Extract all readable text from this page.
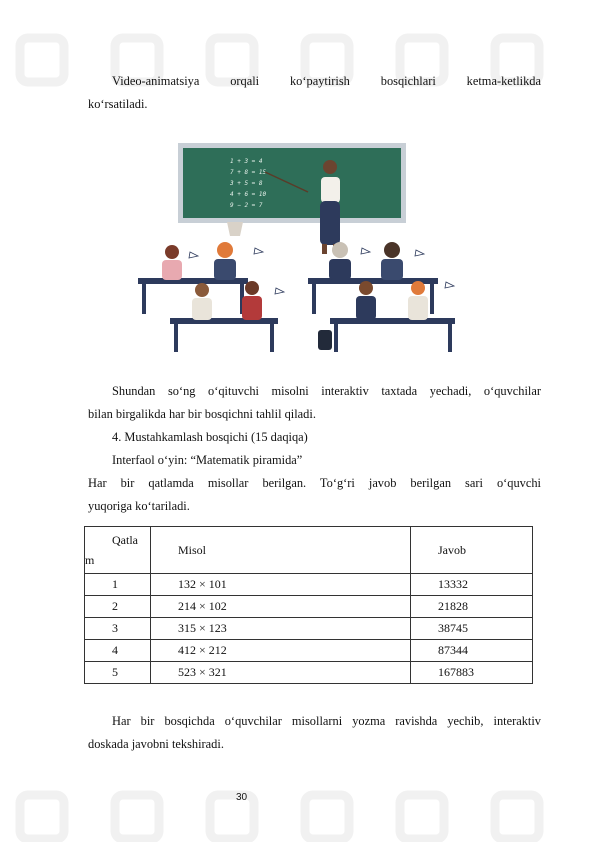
Video-animatsiya orqali ko‘paytirish bosqichlari ketma-ketlikda
ko‘rsatiladi.
1 + 3 = 4
7 + 8 = 15
3 + 5 = 8
4 + 6 = 10
9 − 2 = 7
Shundan so‘ng o‘qituvchi misolni interaktiv taxtada yechadi, o‘quvchilar
bilan birgalikda har bir bosqichni tahlil qiladi.
4. Mustahkamlash bosqichi (15 daqiqa)
Interfaol o‘yin: “Matematik piramida”
Har bir qatlamda misollar berilgan. To‘g‘ri javob berilgan sari o‘quvchi
yuqoriga ko‘tariladi.
Qatla
m	Misol	Javob
1	132 × 101	13332
2	214 × 102	21828
3	315 × 123	38745
4	412 × 212	87344
5	523 × 321	167883
Har bir bosqichda o‘quvchilar misollarni yozma ravishda yechib, interaktiv
doskada javobni tekshiradi.
30
